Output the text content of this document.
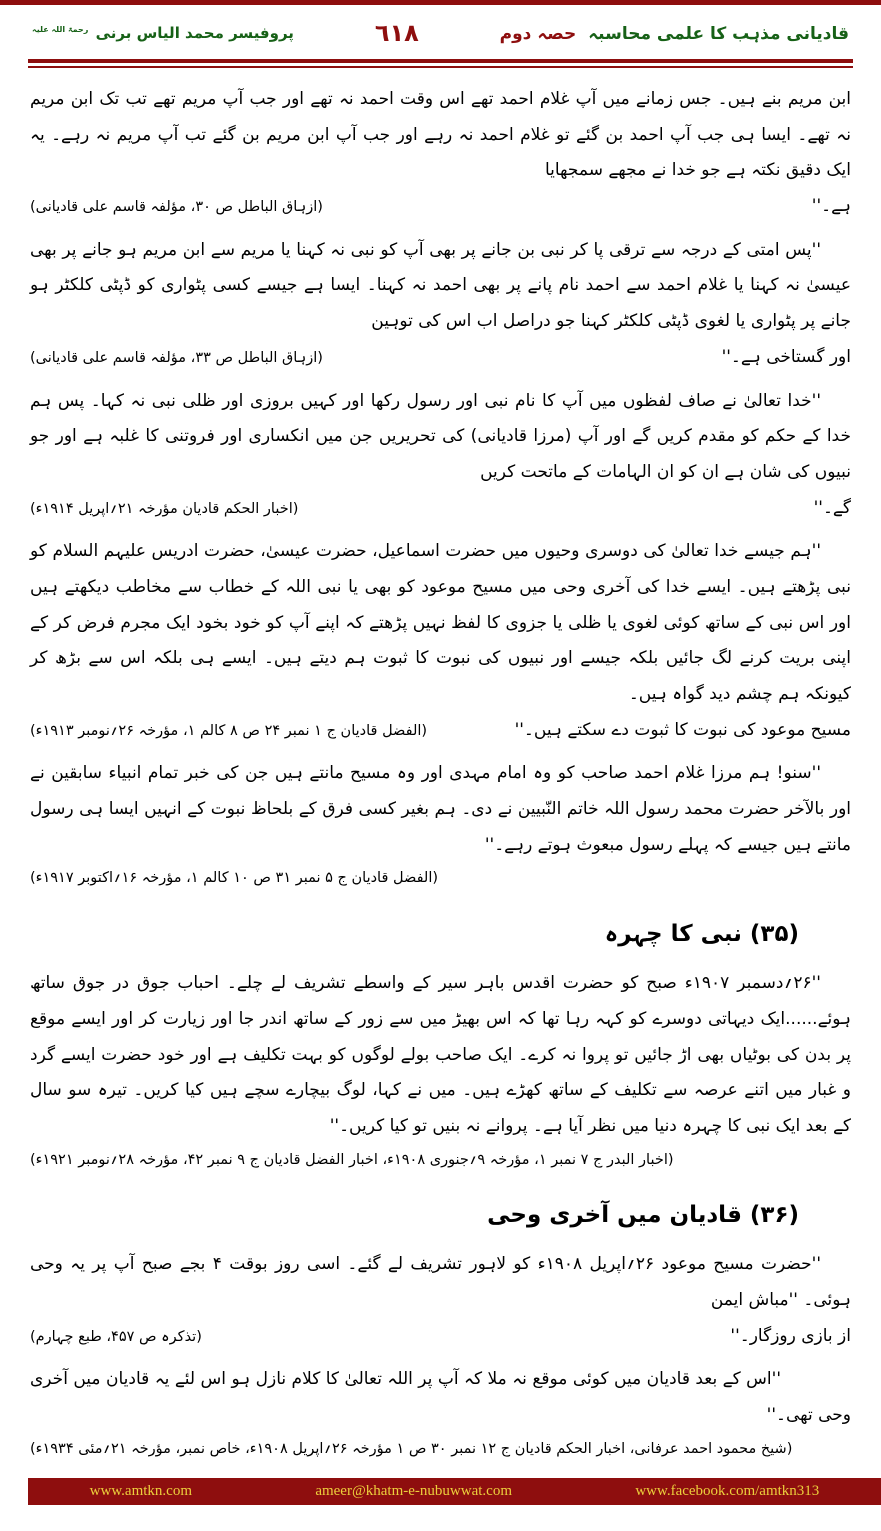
پروفیسر محمد الیاس برنی $^{رحمۃ اللہ علیہ}$	٦١٨	قادیانی مذہب کا علمی محاسبہ حصہ دوم
ابن مریم بنے ہیں۔ جس زمانے میں آپ غلام احمد تھے اس وقت احمد نہ تھے اور جب آپ مریم تھے تب تک ابن مریم نہ تھے۔ ایسا ہی جب آپ احمد بن گئے تو غلام احمد نہ رہے اور جب آپ ابن مریم بن گئے تب آپ مریم نہ رہے۔ یہ ایک دقیق نکتہ ہے جو خدا نے مجھے سمجھایا
ہے۔''
(ازہاق الباطل ص ۳۰، مؤلفہ قاسم علی قادیانی)
''پس امتی کے درجہ سے ترقی پا کر نبی بن جانے پر بھی آپ کو نبی نہ کہنا یا مریم سے ابن مریم ہو جانے پر بھی عیسیٰ نہ کہنا یا غلام احمد سے احمد نام پانے پر بھی احمد نہ کہنا۔ ایسا ہے جیسے کسی پٹواری کو ڈپٹی کلکٹر ہو جانے پر پٹواری یا لغوی ڈپٹی کلکٹر کہنا جو دراصل اب اس کی توہین
اور گستاخی ہے۔''
(ازہاق الباطل ص ۳۳، مؤلفہ قاسم علی قادیانی)
''خدا تعالیٰ نے صاف لفظوں میں آپ کا نام نبی اور رسول رکھا اور کہیں بروزی اور ظلی نبی نہ کہا۔ پس ہم خدا کے حکم کو مقدم کریں گے اور آپ (مرزا قادیانی) کی تحریریں جن میں انکساری اور فروتنی کا غلبہ ہے اور جو نبیوں کی شان ہے ان کو ان الہامات کے ماتحت کریں
گے۔''
(اخبار الحکم قادیان مؤرخہ ۲۱؍اپریل ۱۹۱۴ء)
''ہم جیسے خدا تعالیٰ کی دوسری وحیوں میں حضرت اسماعیل، حضرت عیسیٰ، حضرت ادریس علیہم السلام کو نبی پڑھتے ہیں۔ ایسے خدا کی آخری وحی میں مسیح موعود کو بھی یا نبی اللہ کے خطاب سے مخاطب دیکھتے ہیں اور اس نبی کے ساتھ کوئی لغوی یا ظلی یا جزوی کا لفظ نہیں پڑھتے کہ اپنے آپ کو خود بخود ایک مجرم فرض کر کے اپنی بریت کرنے لگ جائیں بلکہ جیسے اور نبیوں کی نبوت کا ثبوت ہم دیتے ہیں۔ ایسے ہی بلکہ اس سے بڑھ کر کیونکہ ہم چشم دید گواہ ہیں۔
مسیح موعود کی نبوت کا ثبوت دے سکتے ہیں۔''
(الفضل قادیان ج ۱ نمبر ۲۴ ص ۸ کالم ۱، مؤرخہ ۲۶؍نومبر ۱۹۱۳ء)
''سنو! ہم مرزا غلام احمد صاحب کو وہ امام مہدی اور وہ مسیح مانتے ہیں جن کی خبر تمام انبیاء سابقین نے اور بالآخر حضرت محمد رسول اللہ خاتم النّبیین نے دی۔ ہم بغیر کسی فرق کے بلحاظ نبوت کے انہیں ایسا ہی رسول مانتے ہیں جیسے کہ پہلے رسول مبعوث ہوتے رہے۔''
(الفضل قادیان ج ۵ نمبر ۳۱ ص ۱۰ کالم ۱، مؤرخہ ۱۶؍اکتوبر ۱۹۱۷ء)
(۳۵) نبی کا چہرہ
''۲۶؍دسمبر ۱۹۰۷ء صبح کو حضرت اقدس باہر سیر کے واسطے تشریف لے چلے۔ احباب جوق در جوق ساتھ ہوئے......ایک دیہاتی دوسرے کو کہہ رہا تھا کہ اس بھیڑ میں سے زور کے ساتھ اندر جا اور زیارت کر اور ایسے موقع پر بدن کی بوٹیاں بھی اڑ جائیں تو پروا نہ کرے۔ ایک صاحب بولے لوگوں کو بہت تکلیف ہے اور خود حضرت ایسے گرد و غبار میں اتنے عرصہ سے تکلیف کے ساتھ کھڑے ہیں۔ میں نے کہا، لوگ بیچارے سچے ہیں کیا کریں۔ تیرہ سو سال کے بعد ایک نبی کا چہرہ دنیا میں نظر آیا ہے۔ پروانے نہ بنیں تو کیا کریں۔''
(اخبار البدر ج ۷ نمبر ۱، مؤرخہ ۹؍جنوری ۱۹۰۸ء، اخبار الفضل قادیان ج ۹ نمبر ۴۲، مؤرخہ ۲۸؍نومبر ۱۹۲۱ء)
(۳۶) قادیان میں آخری وحی
''حضرت مسیح موعود ۲۶؍اپریل ۱۹۰۸ء کو لاہور تشریف لے گئے۔ اسی روز بوقت ۴ بجے صبح آپ پر یہ وحی ہوئی۔ ''مباش ایمن
از بازی روزگار۔''
(تذکرہ ص ۴۵۷، طبع چہارم)
''اس کے بعد قادیان میں کوئی موقع نہ ملا کہ آپ پر اللہ تعالیٰ کا کلام نازل ہو اس لئے یہ قادیان میں آخری وحی تھی۔''
(شیخ محمود احمد عرفانی، اخبار الحکم قادیان ج ۱۲ نمبر ۳۰ ص ۱ مؤرخہ ۲۶؍اپریل ۱۹۰۸ء، خاص نمبر، مؤرخہ ۲۱؍مئی ۱۹۳۴ء)
www.amtkn.com	ameer@khatm-e-nubuwwat.com	www.facebook.com/amtkn313
